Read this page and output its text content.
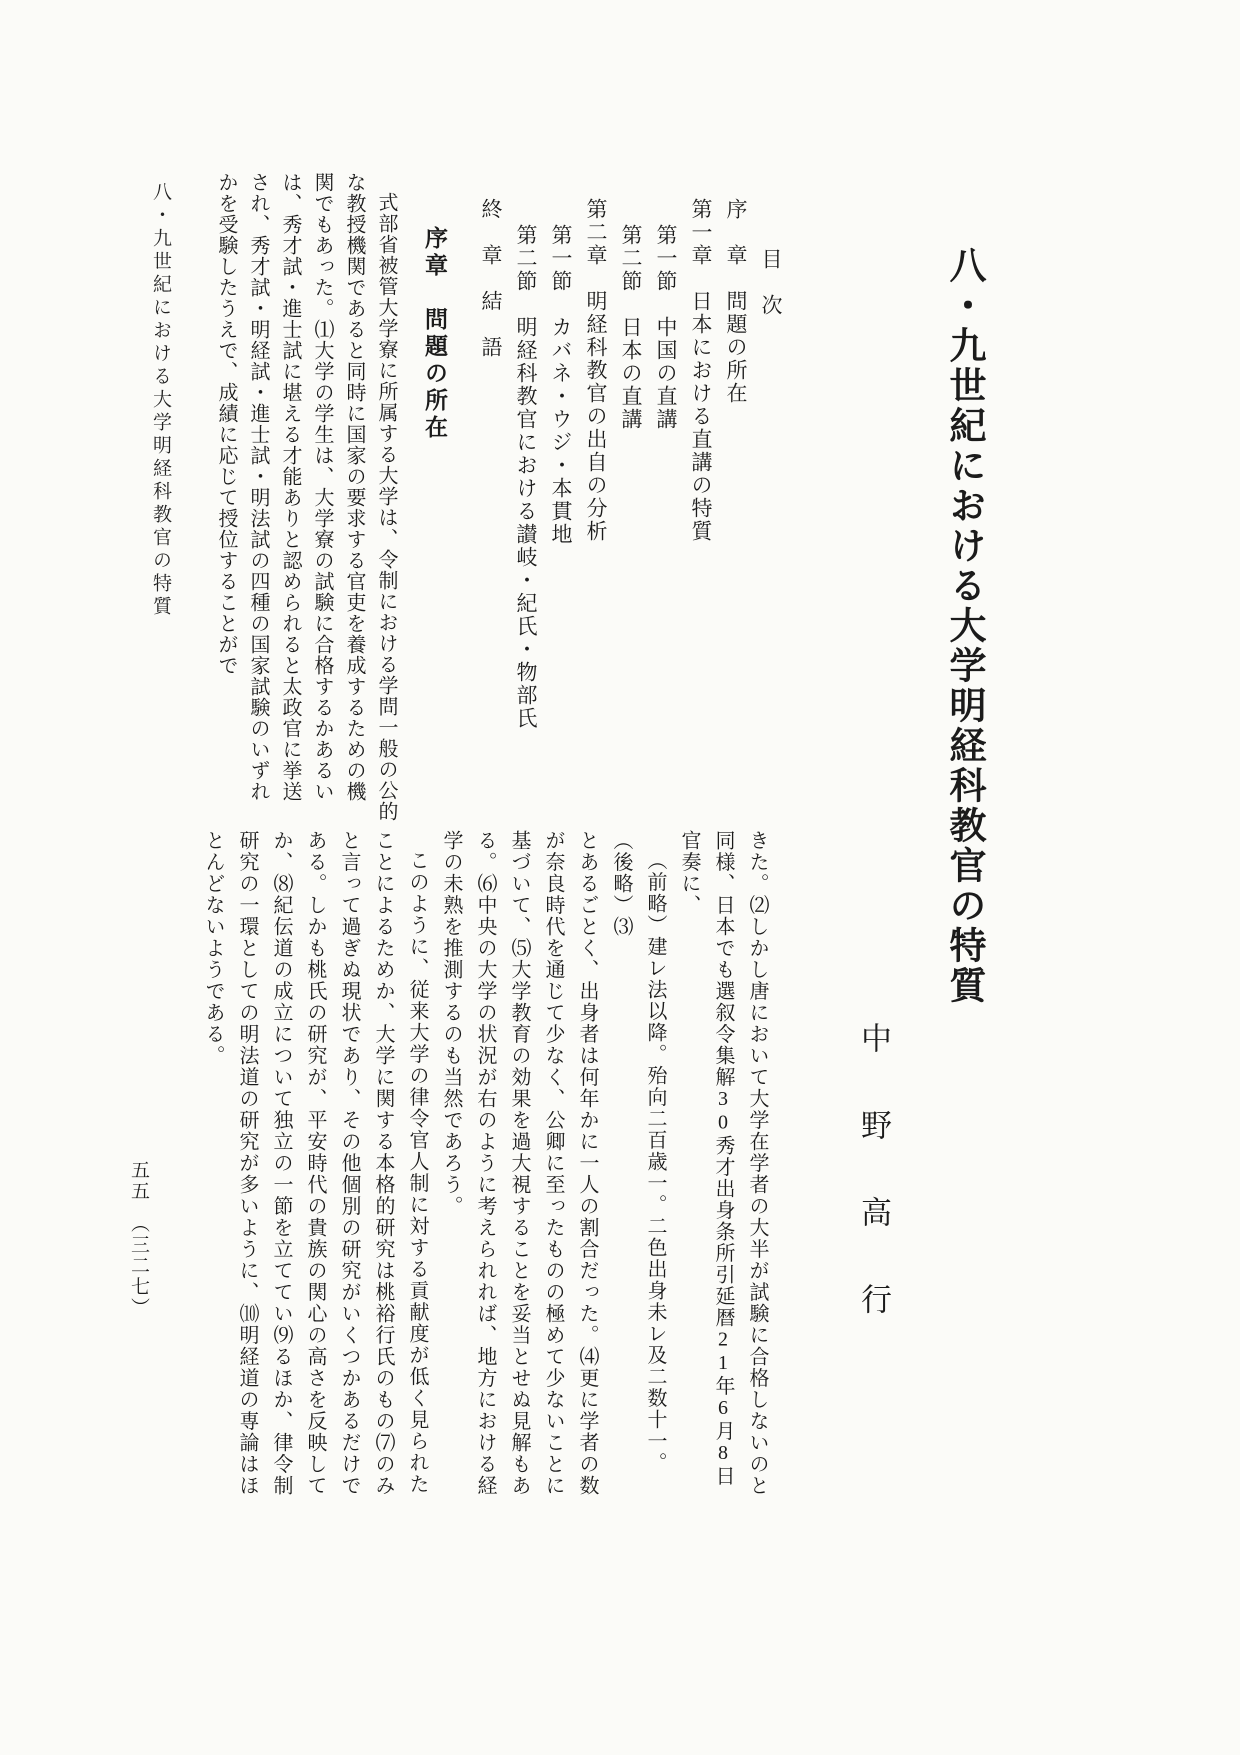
八・九世紀における大学明経科教官の特質
中野高行
目　次
序　章　問題の所在
第一章　日本における直講の特質
第一節　中国の直講
第二節　日本の直講
第二章　明経科教官の出自の分析
第一節　カバネ・ウジ・本貫地
第二節　明経科教官における讃岐・紀氏・物部氏
終　章　結　語
序章　問題の所在

式部省被管大学寮に所属する大学は、令制における学問一般の公的な教授機関であると同時に国家の要求する官吏を養成するための機関でもあった。⑴大学の学生は、大学寮の試験に合格するかあるいは、秀才試・進士試に堪える才能ありと認められると太政官に挙送され、秀才試・明経試・進士試・明法試の四種の国家試験のいずれかを受験したうえで、成績に応じて授位することがで

八・九世紀における大学明経科教官の特質

きた。⑵しかし唐において大学在学者の大半が試験に合格しないのと同様、日本でも選叙令集解30秀才出身条所引延暦21年6月8日官奏に、

（前略）建レ法以降。殆向二百歳一。二色出身未レ及二数十一。（後略）⑶

とあるごとく、出身者は何年かに一人の割合だった。⑷更に学者の数が奈良時代を通じて少なく、公卿に至ったものの極めて少ないことに基づいて、⑸大学教育の効果を過大視することを妥当とせぬ見解もある。⑹中央の大学の状況が右のように考えられれば、地方における経学の未熟を推測するのも当然であろう。

このように、従来大学の律令官人制に対する貢献度が低く見られたことによるためか、大学に関する本格的研究は桃裕行氏のもの⑺のみと言って過ぎぬ現状であり、その他個別の研究がいくつかあるだけである。しかも桃氏の研究が、平安時代の貴族の関心の高さを反映してか、⑻紀伝道の成立について独立の一節を立ててい⑼るほか、律令制研究の一環としての明法道の研究が多いように、⑽明経道の専論はほとんどないようである。

五五　（三二七）
